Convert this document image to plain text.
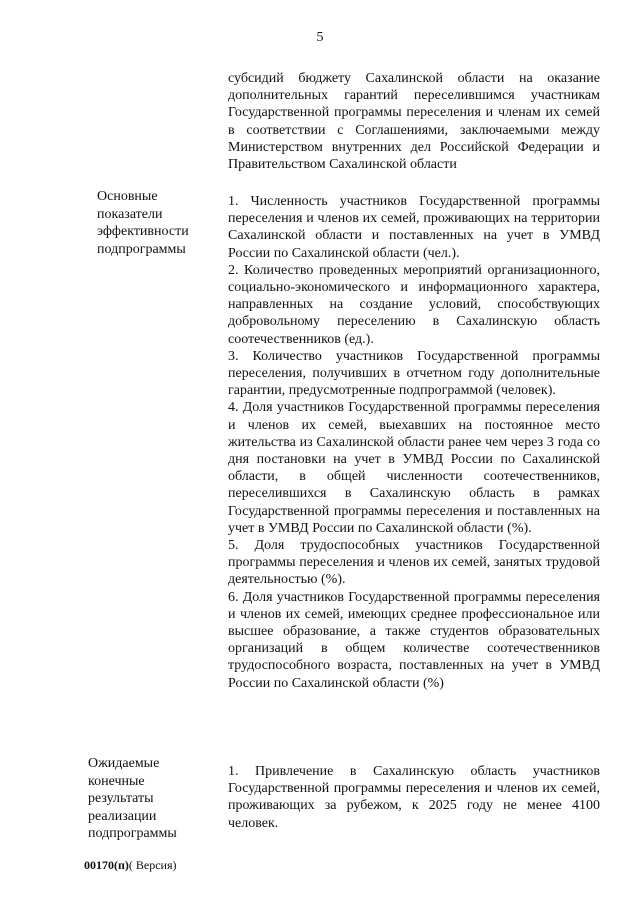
5

субсидий бюджету Сахалинской области на оказание дополнительных гарантий переселившимся участникам Государственной программы переселения и членам их семей в соответствии с Соглашениями, заключаемыми между Министерством внутренних дел Российской Федерации и Правительством Сахалинской области

Основные показатели эффективности подпрограммы

1. Численность участников Государственной программы переселения и членов их семей, проживающих на территории Сахалинской области и поставленных на учет в УМВД России по Сахалинской области (чел.).

2. Количество проведенных мероприятий организационного, социально-экономического и информационного характера, направленных на создание условий, способствующих добровольному переселению в Сахалинскую область соотечественников (ед.).

3. Количество участников Государственной программы переселения, получивших в отчетном году дополнительные гарантии, предусмотренные подпрограммой (человек).

4. Доля участников Государственной программы переселения и членов их семей, выехавших на постоянное место жительства из Сахалинской области ранее чем через 3 года со дня постановки на учет в УМВД России по Сахалинской области, в общей численности соотечественников, переселившихся в Сахалинскую область в рамках Государственной программы переселения и поставленных на учет в УМВД России по Сахалинской области (%).

5. Доля трудоспособных участников Государственной программы переселения и членов их семей, занятых трудовой деятельностью (%).

6. Доля участников Государственной программы переселения и членов их семей, имеющих среднее профессиональное или высшее образование, а также студентов образовательных организаций в общем количестве соотечественников трудоспособного возраста, поставленных на учет в УМВД России по Сахалинской области (%)

Ожидаемые конечные результаты реализации подпрограммы

1. Привлечение в Сахалинскую область участников Государственной программы переселения и членов их семей, проживающих за рубежом, к 2025 году не менее 4100 человек.

00170(п)( Версия)
